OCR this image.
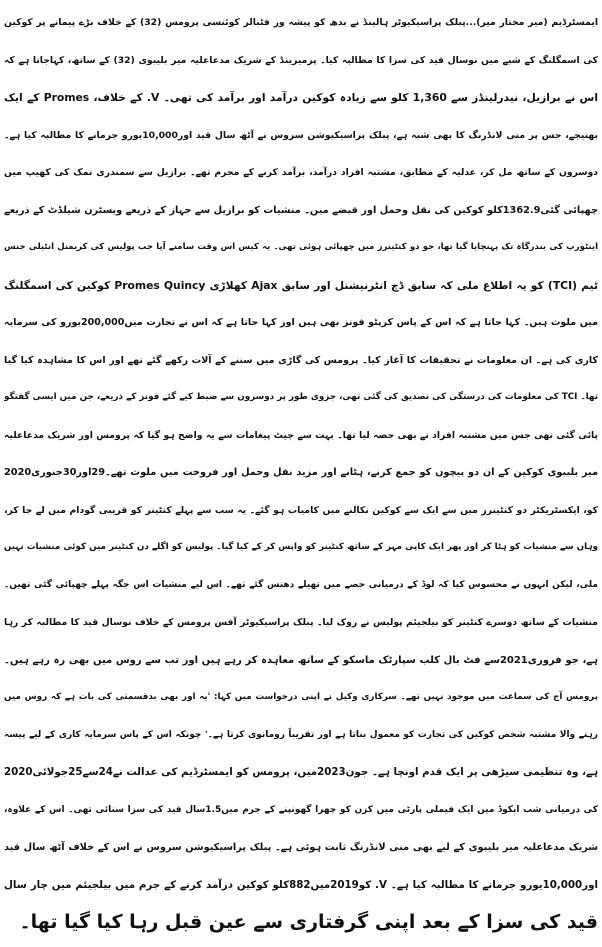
ایمسٹرڈیم (میر مختار میر)...پبلک پراسیکیوٹر ہالینڈ نے بدھ کو پیشہ ور فٹبالر کوئنسی پرومس (32) کے خلاف بڑے پیمانے پر کوکین
کی اسمگلنگ کے شبے میں نوسال قید کی سزا کا مطالبہ کیا۔ پرمیرینڈ کے شریک مدعاعلیہ میر بلیبوی (32) کے ساتھ، کہاجاتا ہے کہ
اس نے برازیل، نیدرلینڈز سے 1,360 کلو سے زیادہ کوکین درآمد اور برآمد کی تھی۔ V. کے خلاف، Promes کے ایک
بھتیجے، جس پر منی لانڈرنگ کا بھی شبہ ہے، پبلک پراسیکیوشن سروس نے آٹھ سال قید اور10,000یورو جرمانے کا مطالبہ کیا ہے۔
دوسروں کے ساتھ مل کر، عدلیہ کے مطابق، مشتبہ افراد درآمد، برآمد کرنے کے مجرم تھے۔ برازیل سے سمندری نمک کی کھیپ میں
چھپائی گئی1362.9کلو کوکین کی نقل وحمل اور قبضے میں۔ منشیات کو برازیل سے جہاز کے ذریعے ویسٹرن شیلڈٹ کے ذریعے
اینٹورپ کی بندرگاہ تک پہنچایا گیا تھا، جو دو کنٹینرز میں چھپائی ہوئی تھی۔ یہ کیس اس وقت سامنے آیا جب پولیس کی کریمنل انٹیلی جنس
ٹیم (TCI) کو یہ اطلاع ملی کہ سابق ڈچ انٹرنیشنل اور سابق Ajax کھلاڑی Promes Quincy کوکین کی اسمگلنگ
میں ملوث ہیں۔ کہا جاتا ہے کہ اس کے پاس کرپٹو فونز بھی ہیں اور کہا جاتا ہے کہ اس نے تجارت میں200,000یورو کی سرمایہ
کاری کی ہے۔ ان معلومات نے تحقیقات کا آغاز کیا۔ پرومس کی گاڑی میں سننے کے آلات رکھے گئے تھے اور اس کا مشاہدہ کیا گیا
تھا۔ TCI کی معلومات کی درستگی کی تصدیق کی گئی تھی، جزوی طور پر دوسروں سے ضبط کیے گئے فونز کے ذریعے، جن میں ایسی گفتگو
پائی گئی تھی جس میں مشتبہ افراد نے بھی حصہ لیا تھا۔ بہت سے چیٹ پیغامات سے یہ واضح ہو گیا کہ پرومس اور شریک مدعاعلیہ
میر بلیبوی کوکین کے ان دو بیچوں کو جمع کرنے، ہٹانے اور مزید نقل وحمل اور فروخت میں ملوث تھے۔29اور30جنوری2020
کو، ایکسٹریکٹر دو کنٹینرز میں سے ایک سے کوکین نکالنے میں کامیاب ہو گئے۔ یہ سب سے پہلے کنٹینر کو قریبی گودام میں لے جا کر،
وہاں سے منشیات کو ہٹا کر اور پھر ایک کاپی مہر کے ساتھ کنٹینر کو واپس کر کے کیا گیا۔ پولیس کو اگلے دن کنٹینر میں کوئی منشیات نہیں
ملی، لیکن انہوں نے محسوس کیا کہ لوڈ کے درمیانی حصے میں تھیلے دھنس گئے تھے۔ اس لیے منشیات اس جگہ پہلے چھپائی گئی تھیں۔
منشیات کے ساتھ دوسرے کنٹینر کو بیلجیئم پولیس نے روک لیا۔ پبلک پراسیکیوٹر آفس پرومس کے خلاف نوسال قید کا مطالبہ کر رہا
ہے، جو فروری2021سے فٹ بال کلب سپارٹک ماسکو کے ساتھ معاہدہ کر رہے ہیں اور تب سے روس میں بھی رہ رہے ہیں۔
پرومس آج کی سماعت میں موجود نہیں تھے۔ سرکاری وکیل نے اپنی درخواست میں کہا: 'یہ اور بھی بدقسمتی کی بات ہے کہ روس میں
رہنے والا مشتبہ شخص کوکین کی تجارت کو معمول بناتا ہے اور تقریباً رومانوی کرتا ہے۔' چونکہ اس کے پاس سرمایہ کاری کے لیے پیسہ
ہے، وہ تنظیمی سیڑھی پر ایک قدم اونچا ہے۔ جون2023میں، پرومس کو ایمسٹرڈیم کی عدالت نے24سے25جولائی2020
کی درمیانی شب ابکوڈ میں ایک فیملی پارٹی میں کزن کو چھرا گھونپنے کے جرم میں1.5سال قید کی سزا سنائی تھی۔ اس کے علاوہ،
شریک مدعاعلیہ میر بلیبوی کے لیے بھی منی لانڈرنگ ثابت ہوئی ہے۔ پبلک پراسیکیوشن سروس نے اس کے خلاف آٹھ سال قید
اور10,000یورو جرمانے کا مطالبہ کیا ہے۔ V. کو2019میں882کلو کوکین درآمد کرنے کے جرم میں بیلجیئم میں چار سال
قید کی سزا کے بعد اپنی گرفتاری سے عین قبل رہا کیا گیا تھا۔
